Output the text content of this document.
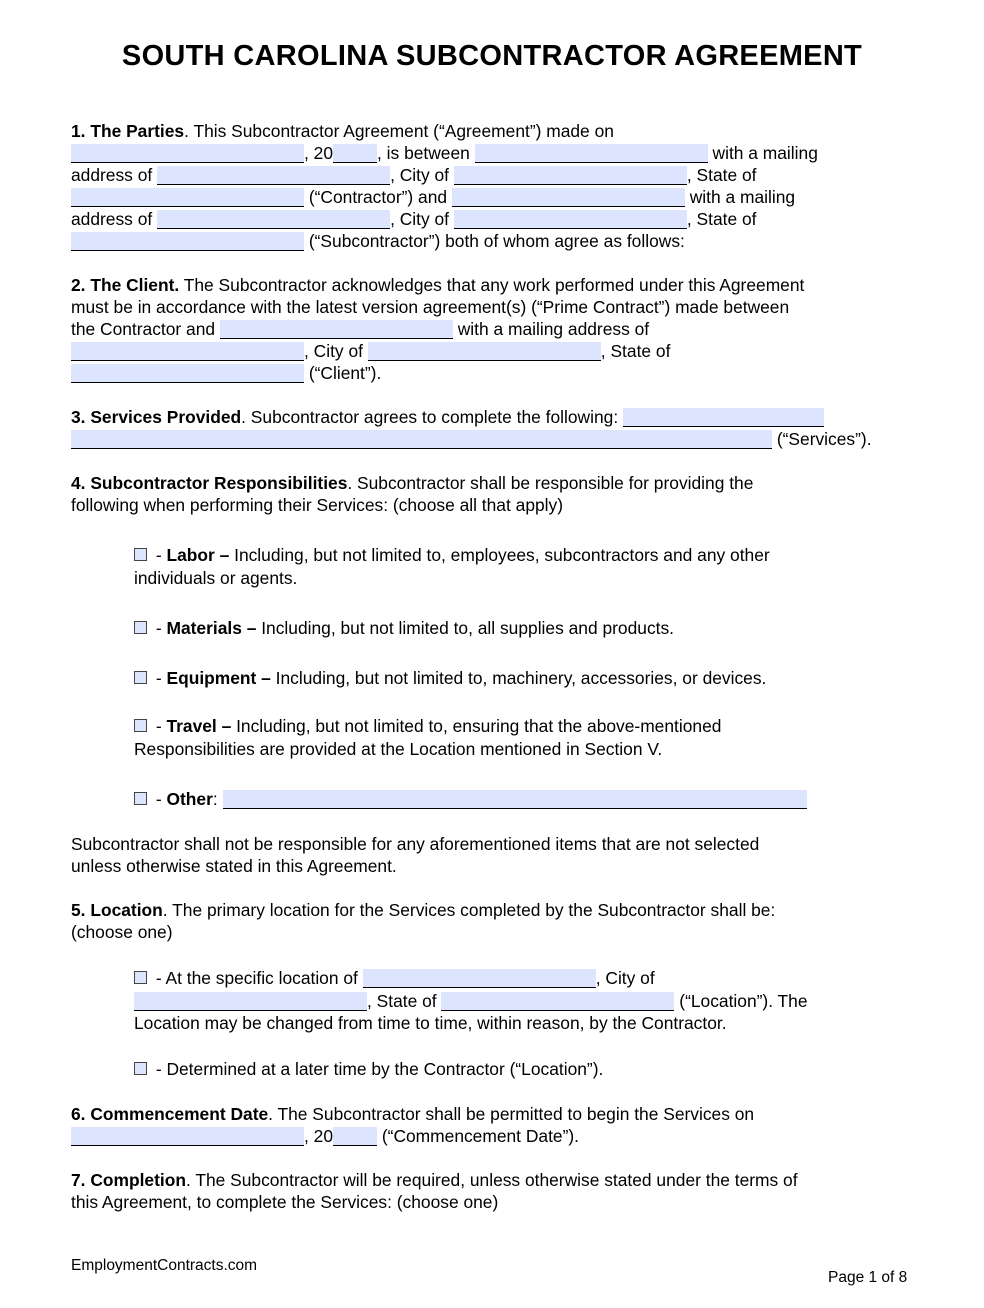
SOUTH CAROLINA SUBCONTRACTOR AGREEMENT
1. The Parties. This Subcontractor Agreement (“Agreement”) made on
, 20	, is between	with a mailing
address of	, City of	, State of
(“Contractor”) and	with a mailing
address of	, City of	, State of
(“Subcontractor”) both of whom agree as follows:
2. The Client. The Subcontractor acknowledges that any work performed under this Agreement
must be in accordance with the latest version agreement(s) (“Prime Contract”) made between
the Contractor and	with a mailing address of
, City of	, State of
(“Client”).
3. Services Provided. Subcontractor agrees to complete the following:
(“Services”).
4. Subcontractor Responsibilities. Subcontractor shall be responsible for providing the
following when performing their Services: (choose all that apply)
- Labor – Including, but not limited to, employees, subcontractors and any other
individuals or agents.
- Materials – Including, but not limited to, all supplies and products.
- Equipment – Including, but not limited to, machinery, accessories, or devices.
- Travel – Including, but not limited to, ensuring that the above-mentioned
Responsibilities are provided at the Location mentioned in Section V.
- Other:
Subcontractor shall not be responsible for any aforementioned items that are not selected
unless otherwise stated in this Agreement.
5. Location. The primary location for the Services completed by the Subcontractor shall be:
(choose one)
- At the specific location of	, City of
, State of	(“Location”). The
Location may be changed from time to time, within reason, by the Contractor.
- Determined at a later time by the Contractor (“Location”).
6. Commencement Date. The Subcontractor shall be permitted to begin the Services on
, 20	(“Commencement Date”).
7. Completion. The Subcontractor will be required, unless otherwise stated under the terms of
this Agreement, to complete the Services: (choose one)
EmploymentContracts.com
Page 1 of 8
